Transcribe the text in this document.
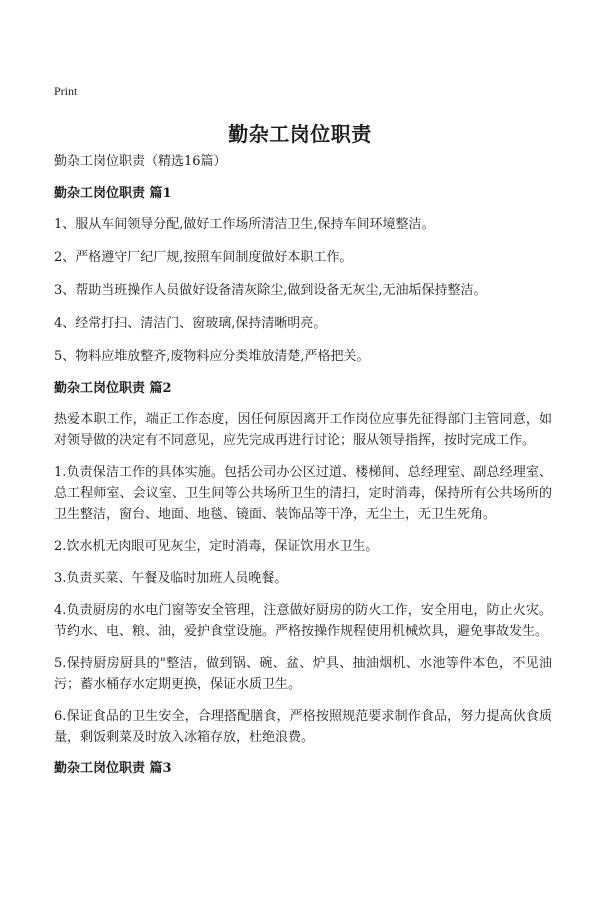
Print
勤杂工岗位职责

勤杂工岗位职责（精选16篇）

勤杂工岗位职责 篇1

1、服从车间领导分配,做好工作场所清洁卫生,保持车间环境整洁。

2、严格遵守厂纪厂规,按照车间制度做好本职工作。

3、帮助当班操作人员做好设备清灰除尘,做到设备无灰尘,无油垢保持整洁。

4、经常打扫、清洁门、窗玻璃,保持清晰明亮。

5、物料应堆放整齐,废物料应分类堆放清楚,严格把关。

勤杂工岗位职责 篇2

热爱本职工作，端正工作态度，因任何原因离开工作岗位应事先征得部门主管同意，如对领导做的决定有不同意见，应先完成再进行讨论；服从领导指挥，按时完成工作。

1.负责保洁工作的具体实施。包括公司办公区过道、楼梯间、总经理室、副总经理室、总工程师室、会议室、卫生间等公共场所卫生的清扫，定时消毒，保持所有公共场所的卫生整洁，窗台、地面、地毯、镜面、装饰品等干净，无尘土，无卫生死角。

2.饮水机无肉眼可见灰尘，定时消毒，保证饮用水卫生。

3.负责买菜、午餐及临时加班人员晚餐。

4.负责厨房的水电门窗等安全管理，注意做好厨房的防火工作，安全用电，防止火灾。节约水、电、粮、油，爱护食堂设施。严格按操作规程使用机械炊具，避免事故发生。

5.保持厨房厨具的"整洁，做到锅、碗、盆、炉具、抽油烟机、水池等件本色，不见油污；蓄水桶存水定期更换，保证水质卫生。

6.保证食品的卫生安全，合理搭配膳食，严格按照规范要求制作食品，努力提高伙食质量，剩饭剩菜及时放入冰箱存放，杜绝浪费。

勤杂工岗位职责 篇3
